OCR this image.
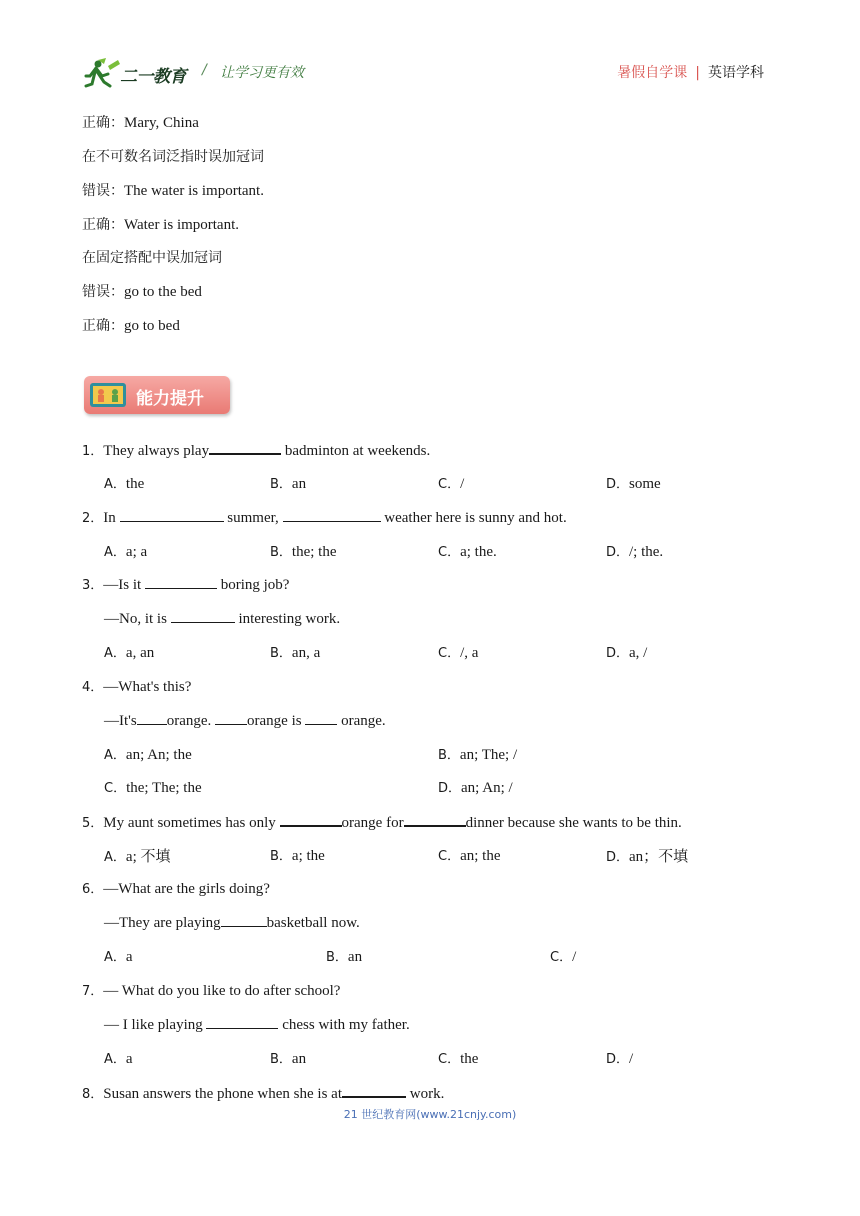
二一教育 / 让学习更有效	暑假自学课 | 英语学科
正确：Mary, China
在不可数名词泛指时误加冠词
错误：The water is important.
正确：Water is important.
在固定搭配中误加冠词
错误：go to the bed
正确：go to bed
能力提升
1．They always play	badminton at weekends.
A．the	B．an	C．/	D．some
2．In	summer,	weather here is sunny and hot.
A．a; a	B．the; the	C．a; the.	D．/; the.
3．—Is it	boring job?
—No, it is	interesting work.
A．a, an	B．an, a	C．/, a	D．a, /
4．—What's this?
—It's orange. orange is  orange.
A．an; An; the	B．an; The; /
C．the; The; the	D．an; An; /
5．My aunt sometimes has only	orange for	dinner because she wants to be thin.
A．a; 不填	B．a; the	C．an; the	D．an；不填
6．—What are the girls doing?
—They are playing	basketball now.
A．a	B．an	C．/
7．— What do you like to do after school?
— I like playing	chess with my father.
A．a	B．an	C．the	D．/
8．Susan answers the phone when she is at	work.
21 世纪教育网(www.21cnjy.com)
